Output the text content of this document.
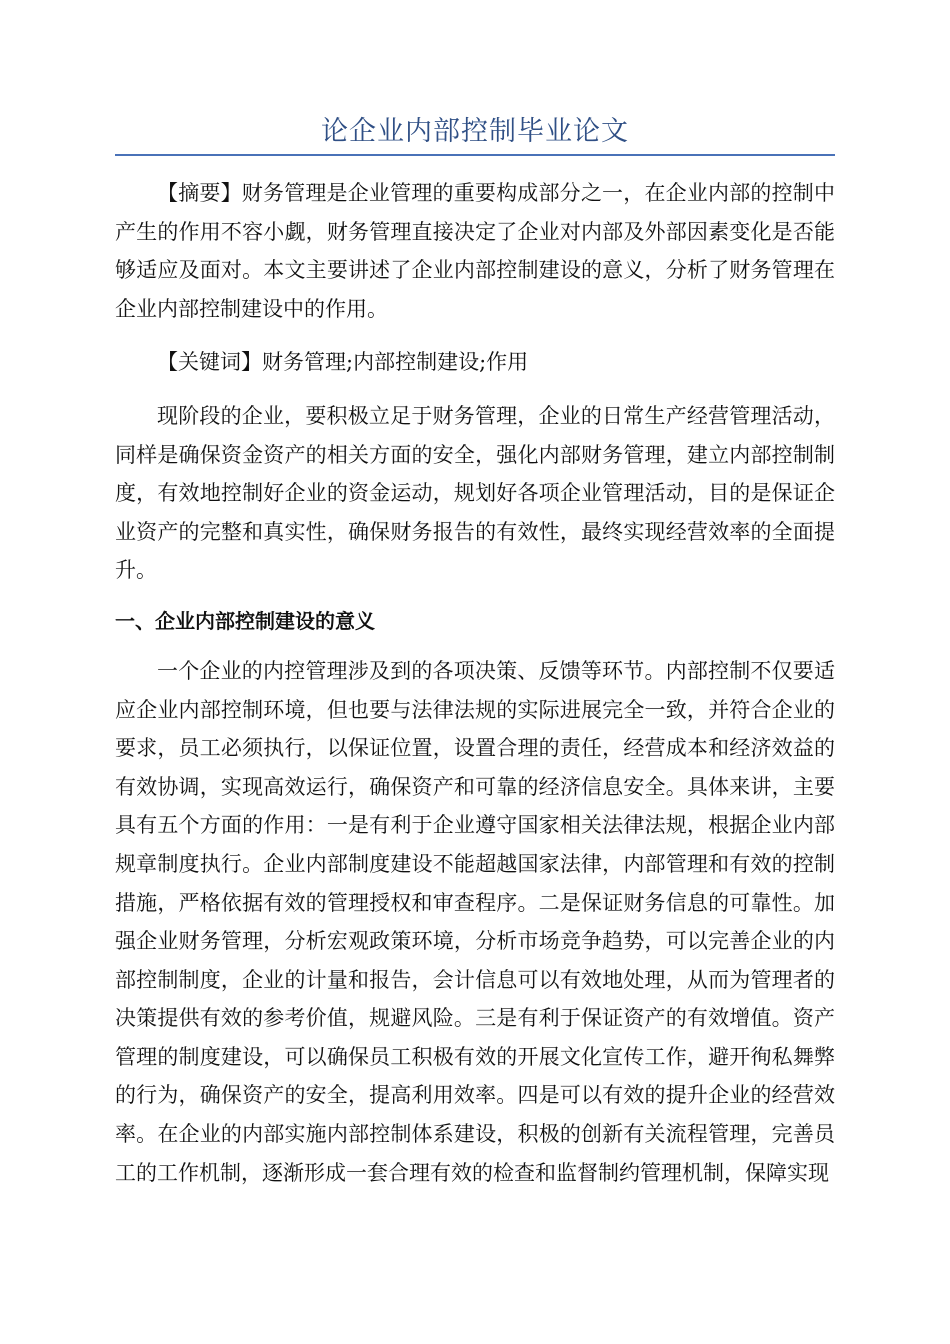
论企业内部控制毕业论文

【摘要】财务管理是企业管理的重要构成部分之一，在企业内部的控制中产生的作用不容小觑，财务管理直接决定了企业对内部及外部因素变化是否能够适应及面对。本文主要讲述了企业内部控制建设的意义，分析了财务管理在企业内部控制建设中的作用。

【关键词】财务管理;内部控制建设;作用

现阶段的企业，要积极立足于财务管理，企业的日常生产经营管理活动，同样是确保资金资产的相关方面的安全，强化内部财务管理，建立内部控制制度，有效地控制好企业的资金运动，规划好各项企业管理活动，目的是保证企业资产的完整和真实性，确保财务报告的有效性，最终实现经营效率的全面提升。

一、企业内部控制建设的意义

一个企业的内控管理涉及到的各项决策、反馈等环节。内部控制不仅要适应企业内部控制环境，但也要与法律法规的实际进展完全一致，并符合企业的要求，员工必须执行，以保证位置，设置合理的责任，经营成本和经济效益的有效协调，实现高效运行，确保资产和可靠的经济信息安全。具体来讲，主要具有五个方面的作用：一是有利于企业遵守国家相关法律法规，根据企业内部规章制度执行。企业内部制度建设不能超越国家法律，内部管理和有效的控制措施，严格依据有效的管理授权和审查程序。二是保证财务信息的可靠性。加强企业财务管理，分析宏观政策环境，分析市场竞争趋势，可以完善企业的内部控制制度，企业的计量和报告，会计信息可以有效地处理，从而为管理者的决策提供有效的参考价值，规避风险。三是有利于保证资产的有效增值。资产管理的制度建设，可以确保员工积极有效的开展文化宣传工作，避开徇私舞弊的行为，确保资产的安全，提高利用效率。四是可以有效的提升企业的经营效率。在企业的内部实施内部控制体系建设，积极的创新有关流程管理，完善员工的工作机制，逐渐形成一套合理有效的检查和监督制约管理机制，保障实现
